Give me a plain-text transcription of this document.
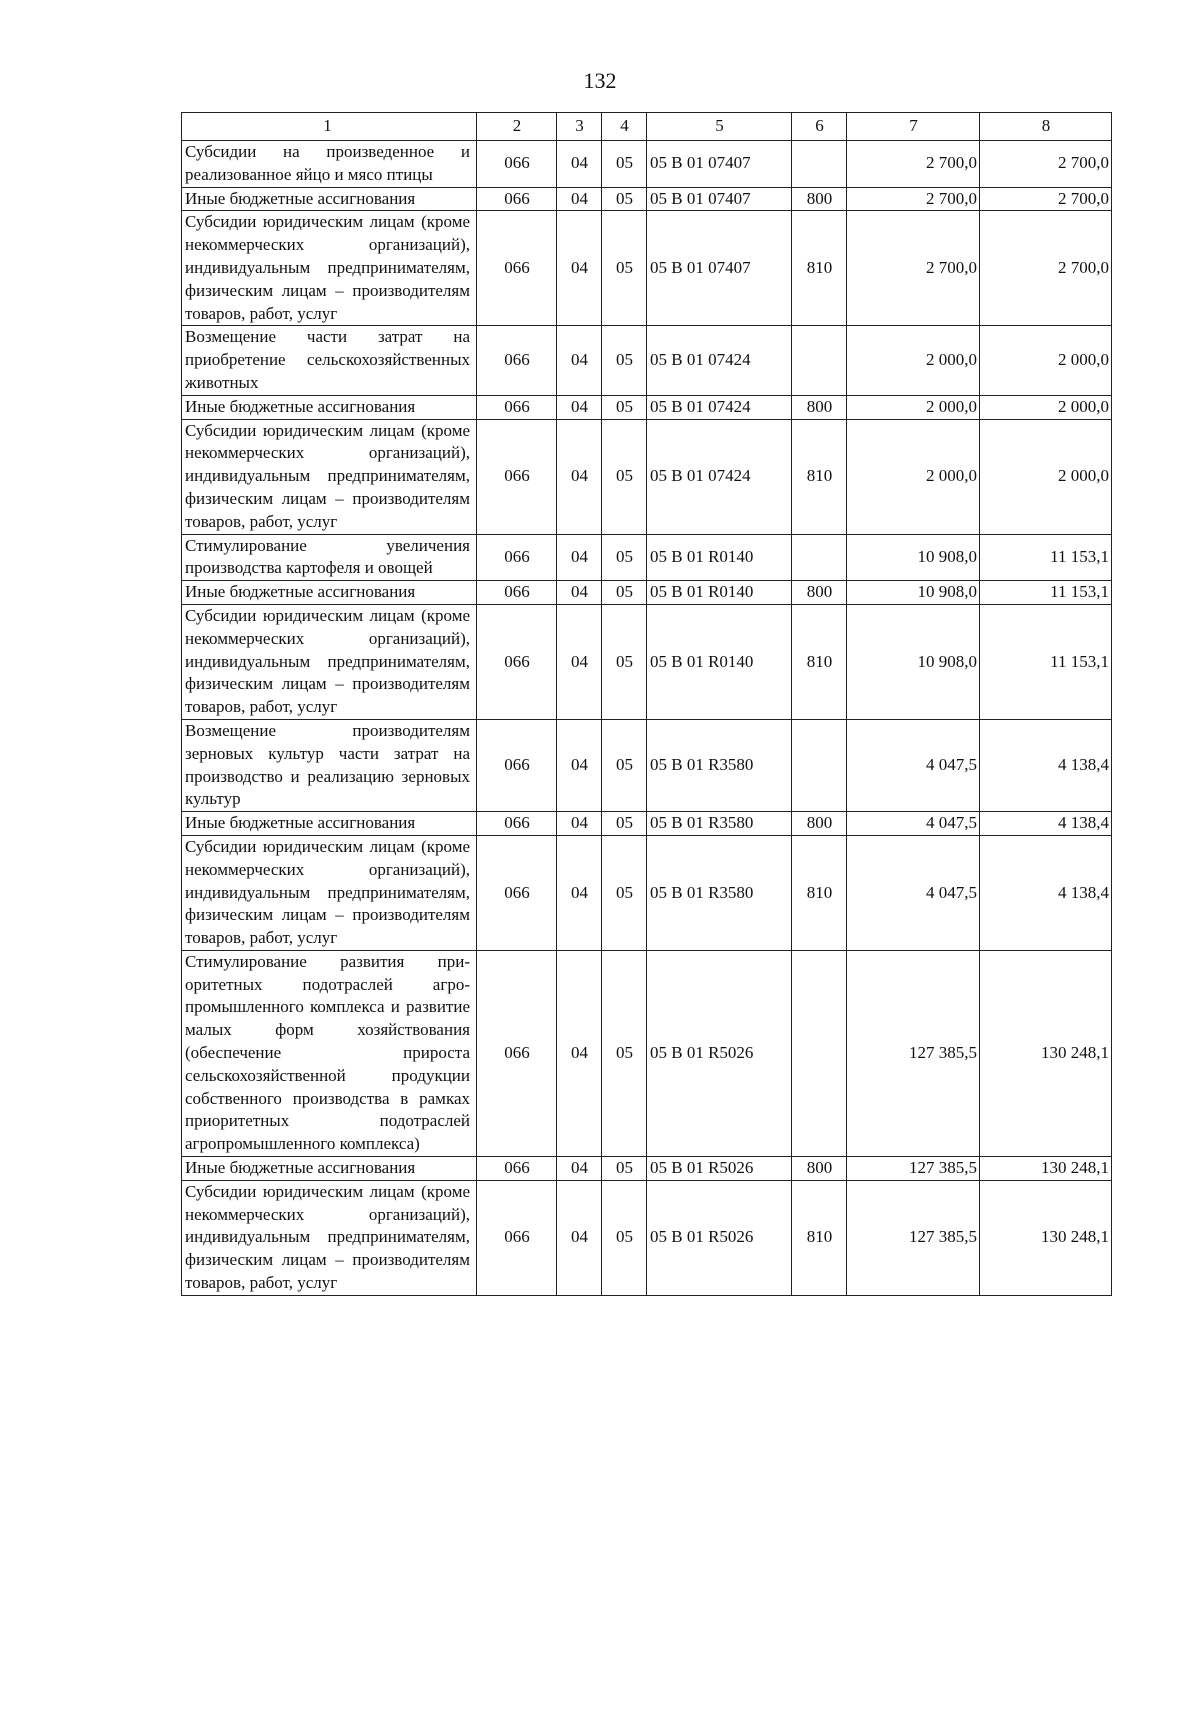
132
1	2	3	4	5	6	7	8
Субсидии на произведенное и реализованное яйцо и мясо птицы	066	04	05	05 В 01 07407		2 700,0	2 700,0
Иные бюджетные ассигнования	066	04	05	05 В 01 07407	800	2 700,0	2 700,0
Субсидии юридическим лицам (кроме некоммерческих организаций), индивидуальным предпринимателям, физическим лицам – производителям товаров, работ, услуг	066	04	05	05 В 01 07407	810	2 700,0	2 700,0
Возмещение части затрат на приобретение сельскохозяйственных животных	066	04	05	05 В 01 07424		2 000,0	2 000,0
Иные бюджетные ассигнования	066	04	05	05 В 01 07424	800	2 000,0	2 000,0
Субсидии юридическим лицам (кроме некоммерческих организаций), индивидуальным предпринимателям, физическим лицам – производителям товаров, работ, услуг	066	04	05	05 В 01 07424	810	2 000,0	2 000,0
Стимулирование увеличения производства картофеля и овощей	066	04	05	05 В 01 R0140		10 908,0	11 153,1
Иные бюджетные ассигнования	066	04	05	05 В 01 R0140	800	10 908,0	11 153,1
Субсидии юридическим лицам (кроме некоммерческих организаций), индивидуальным предпринимателям, физическим лицам – производителям товаров, работ, услуг	066	04	05	05 В 01 R0140	810	10 908,0	11 153,1
Возмещение производителям зерновых культур части затрат на производство и реализацию зерновых культур	066	04	05	05 В 01 R3580		4 047,5	4 138,4
Иные бюджетные ассигнования	066	04	05	05 В 01 R3580	800	4 047,5	4 138,4
Субсидии юридическим лицам (кроме некоммерческих организаций), индивидуальным предпринимателям, физическим лицам – производителям товаров, работ, услуг	066	04	05	05 В 01 R3580	810	4 047,5	4 138,4
Стимулирование развития приоритетных подотраслей агропромышленного комплекса и развитие малых форм хозяйствования (обеспечение прироста сельскохозяйственной продукции собственного производства в рамках приоритетных подотраслей агропромышленного комплекса)	066	04	05	05 В 01 R5026		127 385,5	130 248,1
Иные бюджетные ассигнования	066	04	05	05 В 01 R5026	800	127 385,5	130 248,1
Субсидии юридическим лицам (кроме некоммерческих организаций), индивидуальным предпринимателям, физическим лицам – производителям товаров, работ, услуг	066	04	05	05 В 01 R5026	810	127 385,5	130 248,1
